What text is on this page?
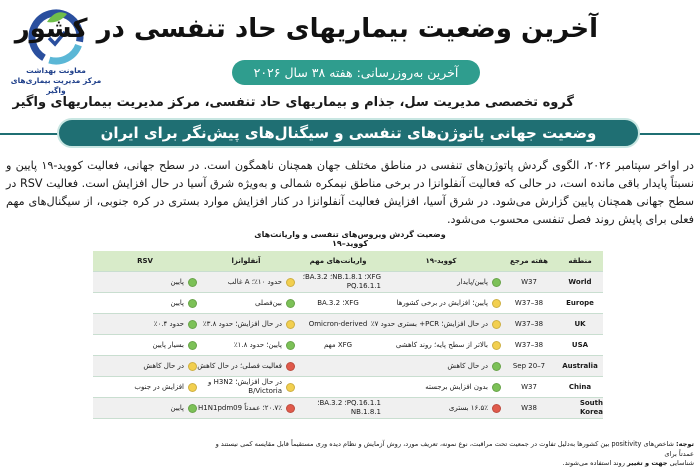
معاونت بهداشت
مرکز مدیریت بیماری‌های واگیر
آخرین وضعیت بیماریهای حاد تنفسی در کشور
آخرین به‌روزرسانی: هفته ۳۸ سال ۲۰۲۶
گروه تخصصی مدیریت سل، جذام و بیماریهای حاد تنفسی، مرکز مدیریت بیماریهای واگیر
وضعیت جهانی پاتوژن‌های تنفسی و سیگنال‌های پیش‌نگر برای ایران
در اواخر سپتامبر ۲۰۲۶، الگوی گردش پاتوژن‌های تنفسی در مناطق مختلف جهان همچنان ناهمگون است. در سطح جهانی، فعالیت کووید-۱۹ پایین و نسبتاً پایدار باقی مانده است، در حالی که فعالیت آنفلوانزا در برخی مناطق نیمکره شمالی و به‌ویژه شرق آسیا در حال افزایش است. فعالیت RSV در سطح جهانی همچنان پایین گزارش می‌شود. در شرق آسیا، افزایش فعالیت آنفلوانزا در کنار افزایش موارد بستری در کره جنوبی، از سیگنال‌های مهم فعلی برای پایش روند فصل تنفسی محسوب می‌شود.
وضعیت گردش ویروس‌های تنفسی و واریانت‌های کووید–۱۹
منطقه
هفته مرجع
کووید-۱۹
واریانت‌های مهم
آنفلوانزا
RSV
World
W37
پایین/پایدار
XFG؛ NB.1.8.1؛ BA.3.2؛ PQ.16.1.1
حدود ۱۰٪؛ A غالب
پایین
Europe
W37–38
پایین؛ افزایش در برخی کشورها
XFG؛ BA.3.2
بین‌فصلی
پایین
UK
W37–38
در حال افزایش؛ PCR+ بستری حدود ۷٪
Omicron-derived
در حال افزایش؛ حدود ۳.۸٪
حدود ۰.۴٪
USA
W37–38
بالاتر از سطح پایه؛ روند کاهشی
XFG مهم
پایین؛ حدود ۱.۸٪
بسیار پایین
Australia
Sep 20–7
در حال کاهش
فعالیت فصلی؛ در حال کاهش
در حال کاهش
China
W37
بدون افزایش برجسته
در حال افزایش؛ H3N2 و B/Victoria
افزایش در جنوب
South Korea
W38
۱۶.۵٪ بستری
PQ.16.1.1؛ BA.3.2؛ NB.1.8.1
۲۰.۷٪؛ عمدتاً H1N1pdm09
پایین
توجه: شاخص‌های positivity بین کشورها به‌دلیل تفاوت در جمعیت تحت مراقبت، نوع نمونه، تعریف مورد، روش آزمایش و نظام دیده وری مستقیماً قابل مقایسه کمی نیستند و عمدتاً برای
شناسایی جهت و تغییر روند استفاده می‌شوند.
